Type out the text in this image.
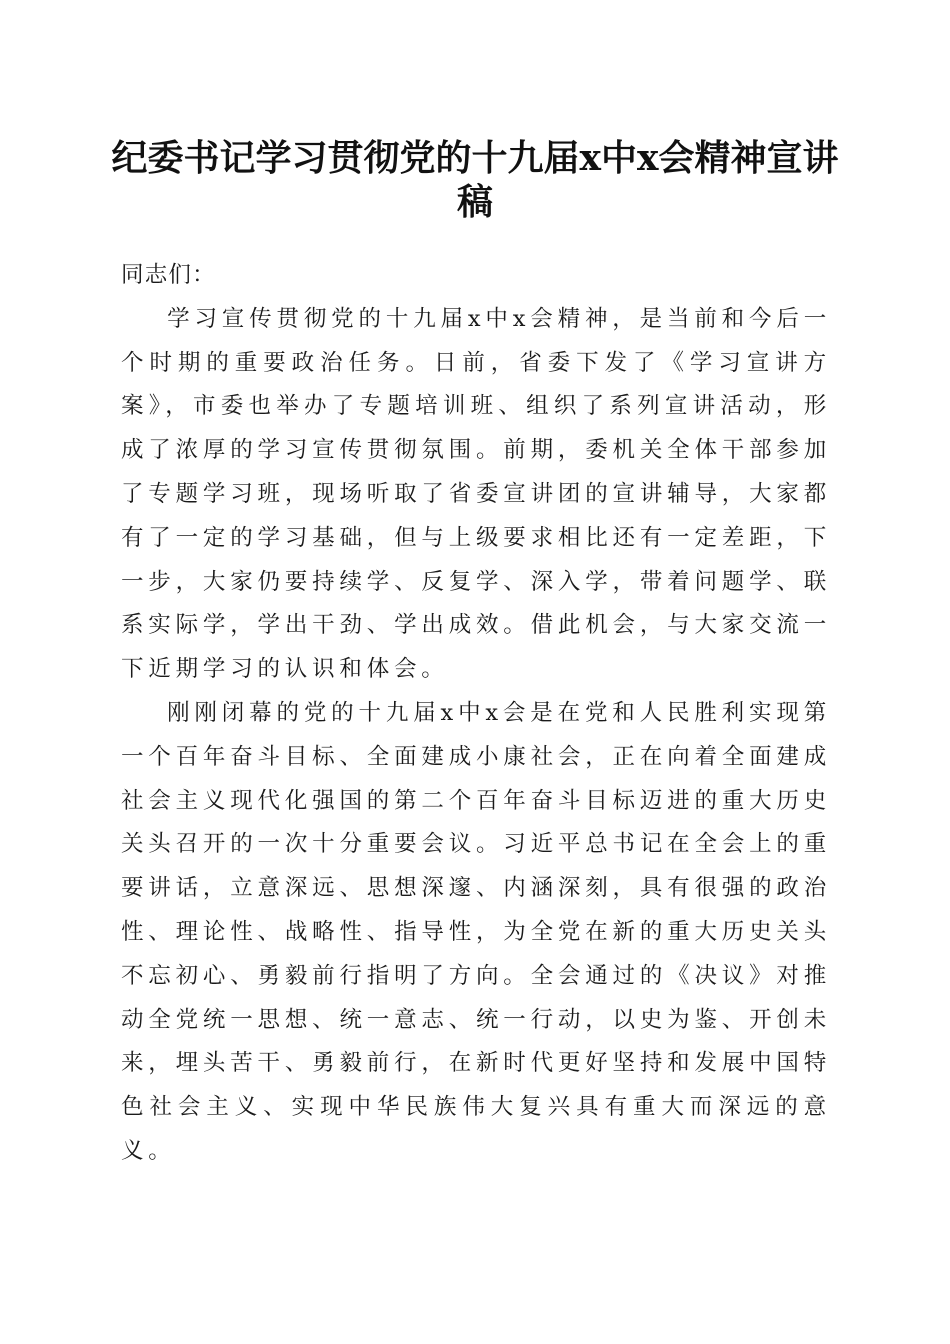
纪委书记学习贯彻党的十九届x中x会精神宣讲稿

同志们：

学习宣传贯彻党的十九届x中x会精神，是当前和今后一个时期的重要政治任务。日前，省委下发了《学习宣讲方案》，市委也举办了专题培训班、组织了系列宣讲活动，形成了浓厚的学习宣传贯彻氛围。前期，委机关全体干部参加了专题学习班，现场听取了省委宣讲团的宣讲辅导，大家都有了一定的学习基础，但与上级要求相比还有一定差距，下一步，大家仍要持续学、反复学、深入学，带着问题学、联系实际学，学出干劲、学出成效。借此机会，与大家交流一下近期学习的认识和体会。

刚刚闭幕的党的十九届x中x会是在党和人民胜利实现第一个百年奋斗目标、全面建成小康社会，正在向着全面建成社会主义现代化强国的第二个百年奋斗目标迈进的重大历史关头召开的一次十分重要会议。习近平总书记在全会上的重要讲话，立意深远、思想深邃、内涵深刻，具有很强的政治性、理论性、战略性、指导性，为全党在新的重大历史关头不忘初心、勇毅前行指明了方向。全会通过的《决议》对推动全党统一思想、统一意志、统一行动，以史为鉴、开创未来，埋头苦干、勇毅前行，在新时代更好坚持和发展中国特色社会主义、实现中华民族伟大复兴具有重大而深远的意义。
